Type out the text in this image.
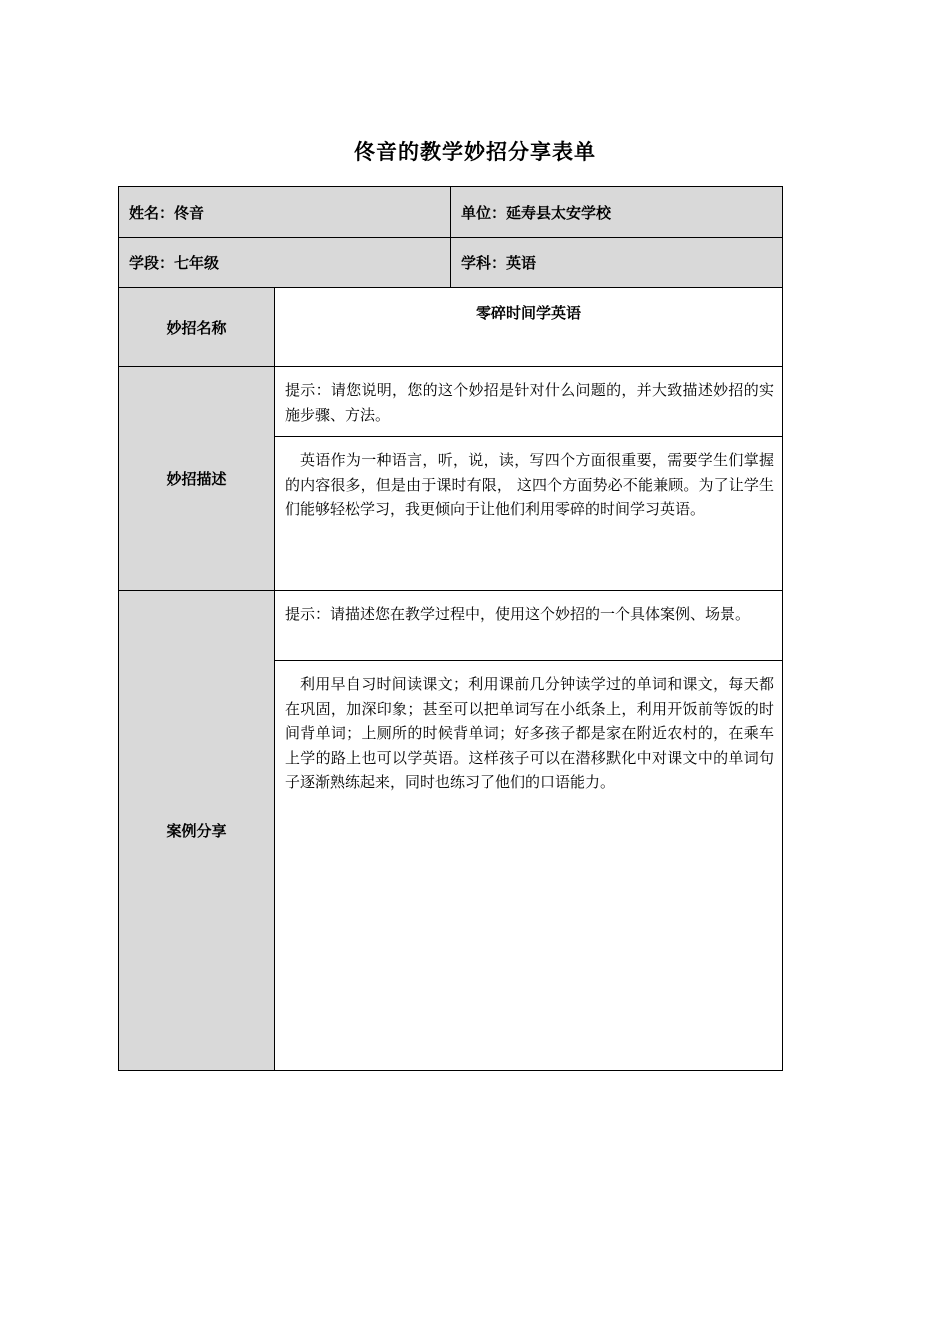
佟音的教学妙招分享表单
姓名：佟音		单位：延寿县太安学校
学段：七年级		学科：英语
妙招名称	零碎时间学英语	
妙招描述	提示：请您说明，您的这个妙招是针对什么问题的，并大致描述妙招的实施步骤、方法。	
	英语作为一种语言，听，说，读，写四个方面很重要，需要学生们掌握的内容很多，但是由于课时有限， 这四个方面势必不能兼顾。为了让学生们能够轻松学习，我更倾向于让他们利用零碎的时间学习英语。	
案例分享	提示：请描述您在教学过程中，使用这个妙招的一个具体案例、场景。	
	利用早自习时间读课文；利用课前几分钟读学过的单词和课文，每天都在巩固，加深印象；甚至可以把单词写在小纸条上，利用开饭前等饭的时间背单词；上厕所的时候背单词；好多孩子都是家在附近农村的，在乘车上学的路上也可以学英语。这样孩子可以在潜移默化中对课文中的单词句子逐渐熟练起来，同时也练习了他们的口语能力。	
